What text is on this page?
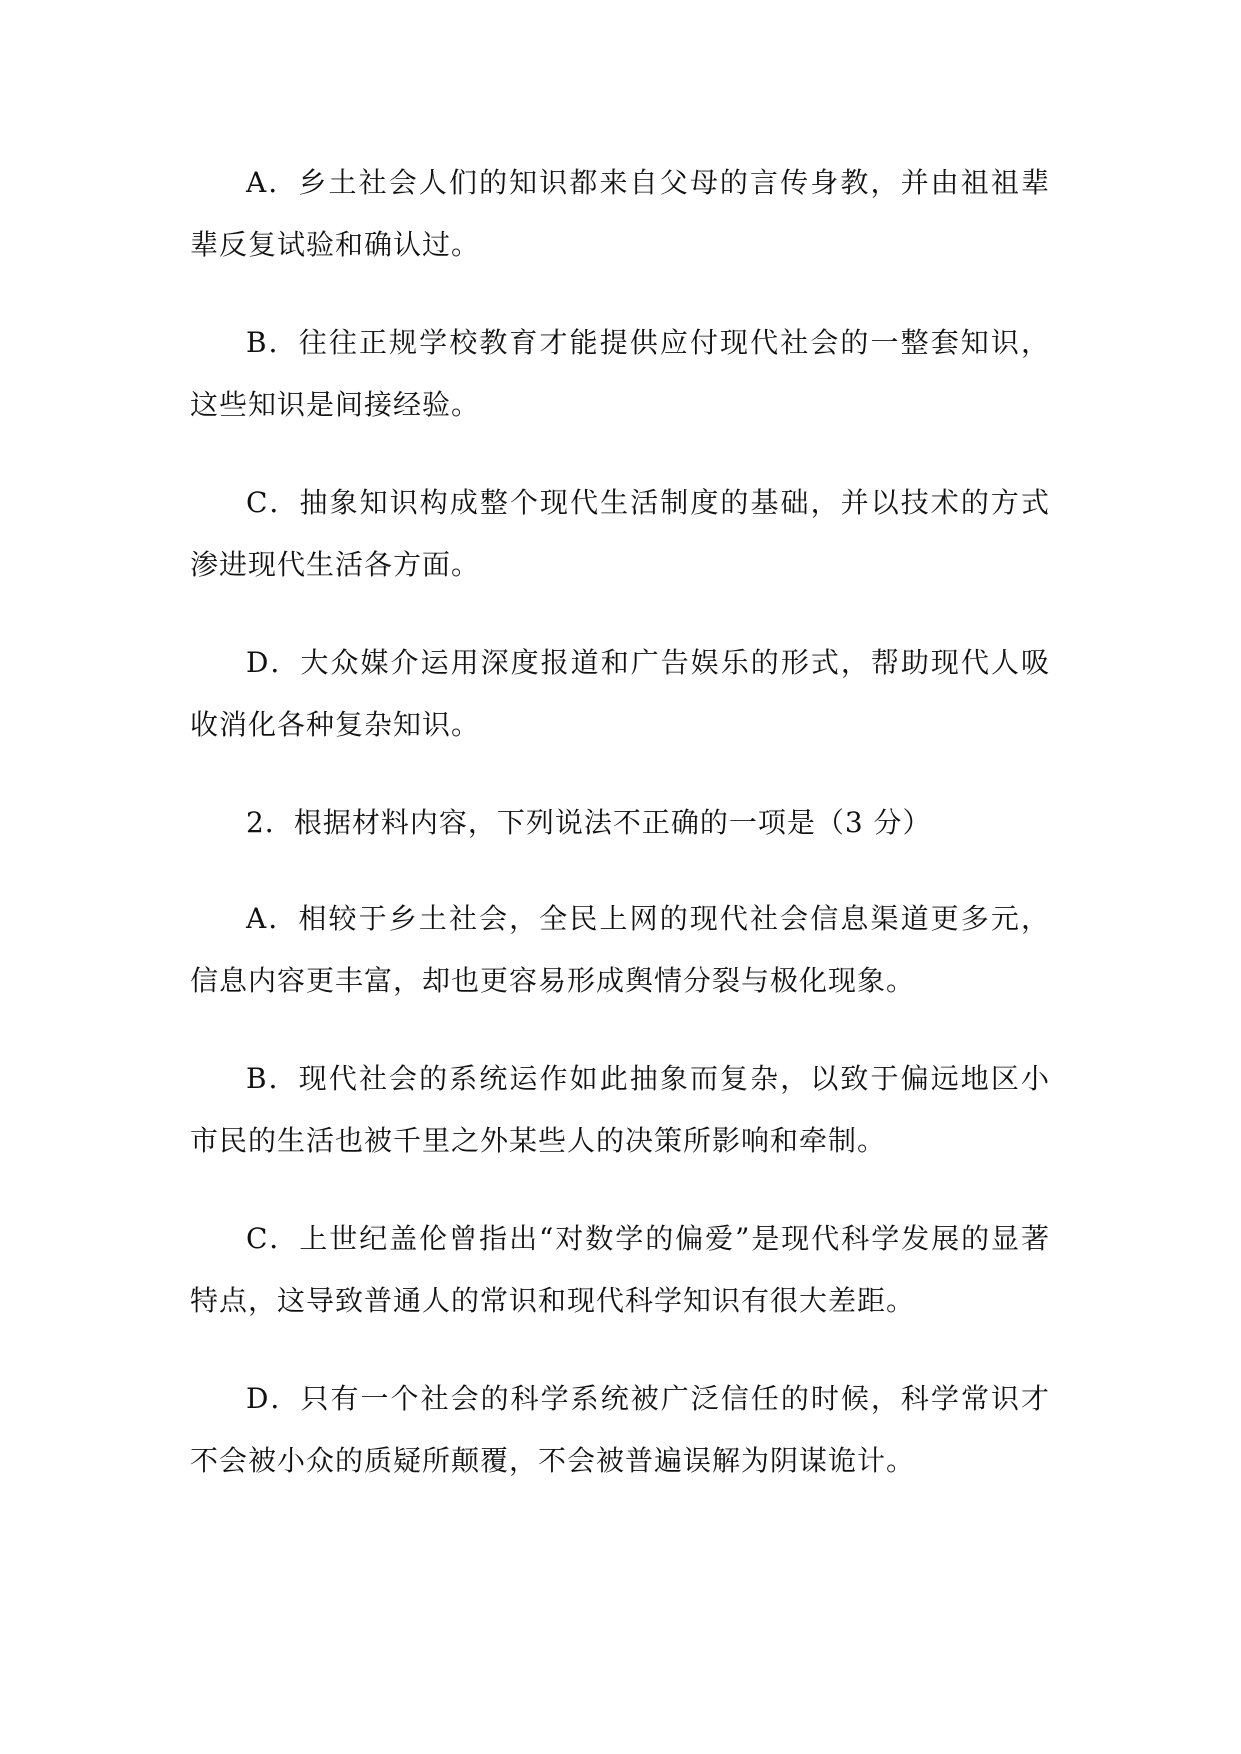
A．乡土社会人们的知识都来自父母的言传身教，并由祖祖辈辈反复试验和确认过。

B．往往正规学校教育才能提供应付现代社会的一整套知识，这些知识是间接经验。

C．抽象知识构成整个现代生活制度的基础，并以技术的方式渗进现代生活各方面。

D．大众媒介运用深度报道和广告娱乐的形式，帮助现代人吸收消化各种复杂知识。

2．根据材料内容，下列说法不正确的一项是（3 分）

A．相较于乡土社会，全民上网的现代社会信息渠道更多元，信息内容更丰富，却也更容易形成舆情分裂与极化现象。

B．现代社会的系统运作如此抽象而复杂，以致于偏远地区小市民的生活也被千里之外某些人的决策所影响和牵制。

C．上世纪盖伦曾指出“对数学的偏爱”是现代科学发展的显著特点，这导致普通人的常识和现代科学知识有很大差距。

D．只有一个社会的科学系统被广泛信任的时候，科学常识才不会被小众的质疑所颠覆，不会被普遍误解为阴谋诡计。
